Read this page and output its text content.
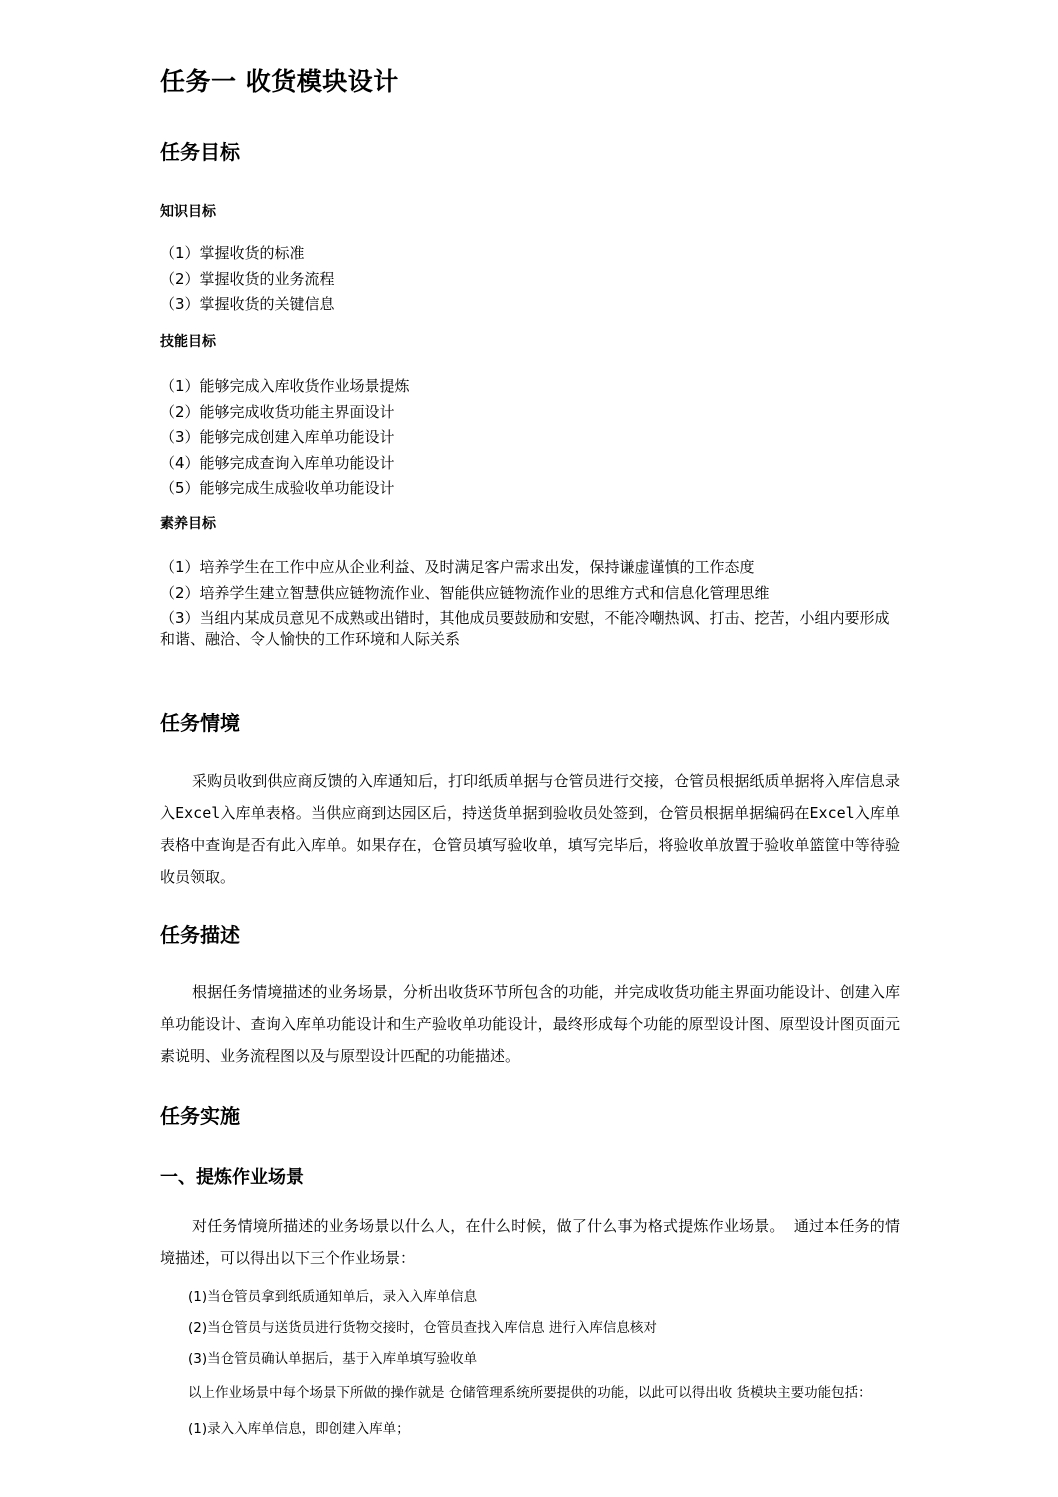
任务一 收货模块设计
任务目标
知识目标
（1）掌握收货的标准
（2）掌握收货的业务流程
（3）掌握收货的关键信息
技能目标
（1）能够完成入库收货作业场景提炼
（2）能够完成收货功能主界面设计
（3）能够完成创建入库单功能设计
（4）能够完成查询入库单功能设计
（5）能够完成生成验收单功能设计
素养目标
（1）培养学生在工作中应从企业利益、及时满足客户需求出发，保持谦虚谨慎的工作态度
（2）培养学生建立智慧供应链物流作业、智能供应链物流作业的思维方式和信息化管理思维

（3）当组内某成员意见不成熟或出错时，其他成员要鼓励和安慰，不能冷嘲热讽、打击、挖苦，小组内要形成和谐、融洽、令人愉快的工作环境和人际关系

任务情境

采购员收到供应商反馈的入库通知后，打印纸质单据与仓管员进行交接，仓管员根据纸质单据将入库信息录入Excel入库单表格。当供应商到达园区后，持送货单据到验收员处签到，仓管员根据单据编码在Excel入库单表格中查询是否有此入库单。如果存在，仓管员填写验收单，填写完毕后，将验收单放置于验收单篮筐中等待验收员领取。

任务描述

根据任务情境描述的业务场景，分析出收货环节所包含的功能，并完成收货功能主界面功能设计、创建入库单功能设计、查询入库单功能设计和生产验收单功能设计，最终形成每个功能的原型设计图、原型设计图页面元素说明、业务流程图以及与原型设计匹配的功能描述。

任务实施
一、提炼作业场景

对任务情境所描述的业务场景以什么人，在什么时候，做了什么事为格式提炼作业场景。 通过本任务的情境描述，可以得出以下三个作业场景：

(1)当仓管员拿到纸质通知单后，录入入库单信息
(2)当仓管员与送货员进行货物交接时，仓管员查找入库信息 进行入库信息核对
(3)当仓管员确认单据后，基于入库单填写验收单
以上作业场景中每个场景下所做的操作就是 仓储管理系统所要提供的功能，以此可以得出收 货模块主要功能包括：
(1)录入入库单信息，即创建入库单；
